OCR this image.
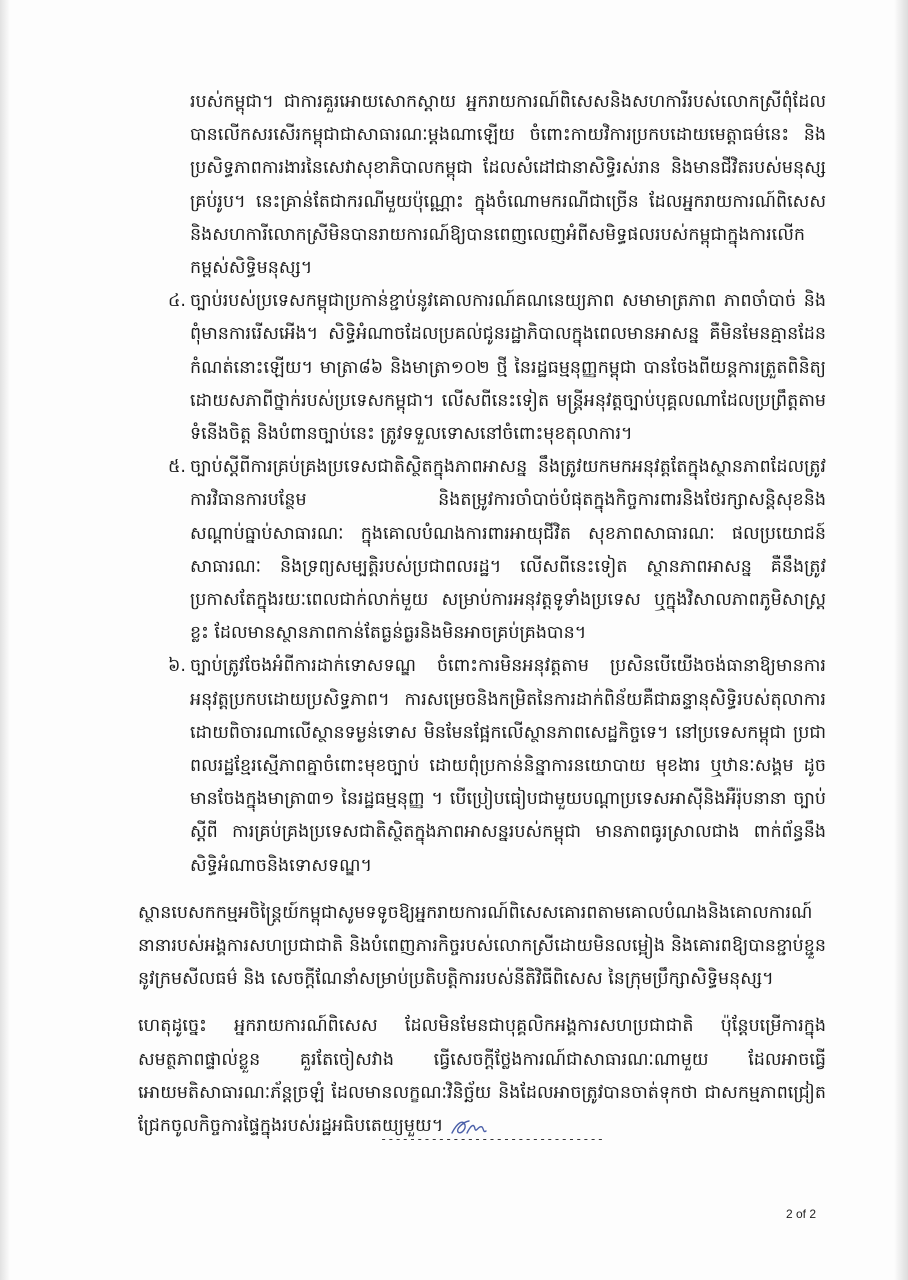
របស់កម្ពុជា។ ជាការគួរអោយសោកស្តាយ អ្នករាយការណ៍ពិសេសនិងសហការីរបស់លោកស្រីពុំដែលបានលើកសរសើរកម្ពុជាជាសាធារណៈម្តងណាឡើយ ចំពោះកាយវិការប្រកបដោយមេត្តាធម៌នេះ និងប្រសិទ្ធភាពការងារនៃសេវាសុខាភិបាលកម្ពុជា ដែលសំដៅជានាសិទ្ធិរស់រាន និងមានជីវិតរបស់មនុស្សគ្រប់រូប។ នេះគ្រាន់តែជាករណីមួយប៉ុណ្ណោះ ក្នុងចំណោមករណីជាច្រើន ដែលអ្នករាយការណ៍ពិសេសនិងសហការីលោកស្រីមិនបានរាយការណ៍ឱ្យបានពេញលេញអំពីសមិទ្ធផលរបស់កម្ពុជាក្នុងការលើកកម្ពស់សិទ្ធិមនុស្ស។

៤. ច្បាប់របស់ប្រទេសកម្ពុជាប្រកាន់ខ្ជាប់នូវគោលការណ៍គណនេយ្យភាព សមាមាត្រភាព ភាពចាំបាច់ និងពុំមានការរើសអើង។ សិទ្ធិអំណាចដែលប្រគល់ជូនរដ្ឋាភិបាលក្នុងពេលមានអាសន្ន គឺមិនមែនគ្មានដែនកំណត់នោះឡើយ។ មាត្រា៨៦ និងមាត្រា១០២ ថ្មី នៃរដ្ឋធម្មនុញ្ញកម្ពុជា បានចែងពីយន្តការត្រួតពិនិត្យ ដោយសភាពីថ្នាក់របស់ប្រទេសកម្ពុជា។ លើសពីនេះទៀត មន្ត្រីអនុវត្តច្បាប់បុគ្គលណាដែលប្រព្រឹត្តតាមទំនើងចិត្ត និងបំពានច្បាប់នេះ ត្រូវទទួលទោសនៅចំពោះមុខតុលាការ។
៥. ច្បាប់ស្តីពីការគ្រប់គ្រងប្រទេសជាតិស្ថិតក្នុងភាពអាសន្ន នឹងត្រូវយកមកអនុវត្តតែក្នុងស្ថានភាពដែលត្រូវការវិធានការបន្ថែម និងតម្រូវការចាំបាច់បំផុតក្នុងកិច្ចការពារនិងថែរក្សាសន្តិសុខនិងសណ្តាប់ធ្នាប់សាធារណៈ ក្នុងគោលបំណងការពារអាយុជីវិត សុខភាពសាធារណៈ ផលប្រយោជន៍សាធារណៈ និងទ្រព្យសម្បត្តិរបស់ប្រជាពលរដ្ឋ។ លើសពីនេះទៀត ស្ថានភាពអាសន្ន គឺនឹងត្រូវប្រកាសតែក្នុងរយៈពេលជាក់លាក់មួយ សម្រាប់ការអនុវត្តទូទាំងប្រទេស ឬក្នុងវិសាលភាពភូមិសាស្ត្រខ្លះ ដែលមានស្ថានភាពកាន់តែធ្ងន់ធ្ងរនិងមិនអាចគ្រប់គ្រងបាន។
៦. ច្បាប់ត្រូវចែងអំពីការដាក់ទោសទណ្ឌ ចំពោះការមិនអនុវត្តតាម ប្រសិនបើយើងចង់ធានាឱ្យមានការអនុវត្តប្រកបដោយប្រសិទ្ធភាព។ ការសម្រេចនិងកម្រិតនៃការដាក់ពិន័យគឺជាឆន្ទានុសិទ្ធិរបស់តុលាការ ដោយពិចារណាលើស្ថានទម្ងន់ទោស មិនមែនផ្អែកលើស្ថានភាពសេដ្ឋកិច្ចទេ។ នៅប្រទេសកម្ពុជា ប្រជាពលរដ្ឋខ្មែរស្មើភាពគ្នាចំពោះមុខច្បាប់ ដោយពុំប្រកាន់និន្នាការនយោបាយ មុខងារ ឬឋានៈសង្គម ដូចមានចែងក្នុងមាត្រា៣១ នៃរដ្ឋធម្មនុញ្ញ ។ បើប្រៀបធៀបជាមួយបណ្តាប្រទេសអាស៊ីនិងអឺរ៉ុបនានា ច្បាប់ស្តីពី ការគ្រប់គ្រងប្រទេសជាតិស្ថិតក្នុងភាពអាសន្នរបស់កម្ពុជា មានភាពធូរស្រាលជាង ពាក់ព័ន្ធនឹងសិទ្ធិអំណាចនិងទោសទណ្ឌ។

ស្ថានបេសកកម្មអចិន្ត្រៃយ៍កម្ពុជាសូមទទូចឱ្យអ្នករាយការណ៍ពិសេសគោរពតាមគោលបំណងនិងគោលការណ៍នានារបស់អង្គការសហប្រជាជាតិ និងបំពេញភារកិច្ចរបស់លោកស្រីដោយមិនលម្អៀង និងគោរពឱ្យបានខ្ជាប់ខ្ជួននូវក្រមសីលធម៌ និង សេចក្តីណែនាំសម្រាប់ប្រតិបត្តិការរបស់នីតិវិធីពិសេស នៃក្រុមប្រឹក្សាសិទ្ធិមនុស្ស។

ហេតុដូច្នេះ អ្នករាយការណ៍ពិសេស ដែលមិនមែនជាបុគ្គលិកអង្គការសហប្រជាជាតិ ប៉ុន្តែបម្រើការក្នុងសមត្ថភាពផ្ទាល់ខ្លួន គួរតែចៀសវាង ធ្វើសេចក្តីថ្លែងការណ៍ជាសាធារណៈណាមួយ ដែលអាចធ្វើអោយមតិសាធារណៈភ័ន្តច្រឡំ ដែលមានលក្ខណៈវិនិច្ឆ័យ និងដែលអាចត្រូវបានចាត់ទុកថា ជាសកម្មភាពជ្រៀតជ្រែកចូលកិច្ចការផ្ទៃក្នុងរបស់រដ្ឋអធិបតេយ្យមួយ។

-------------------------------
2 of 2
